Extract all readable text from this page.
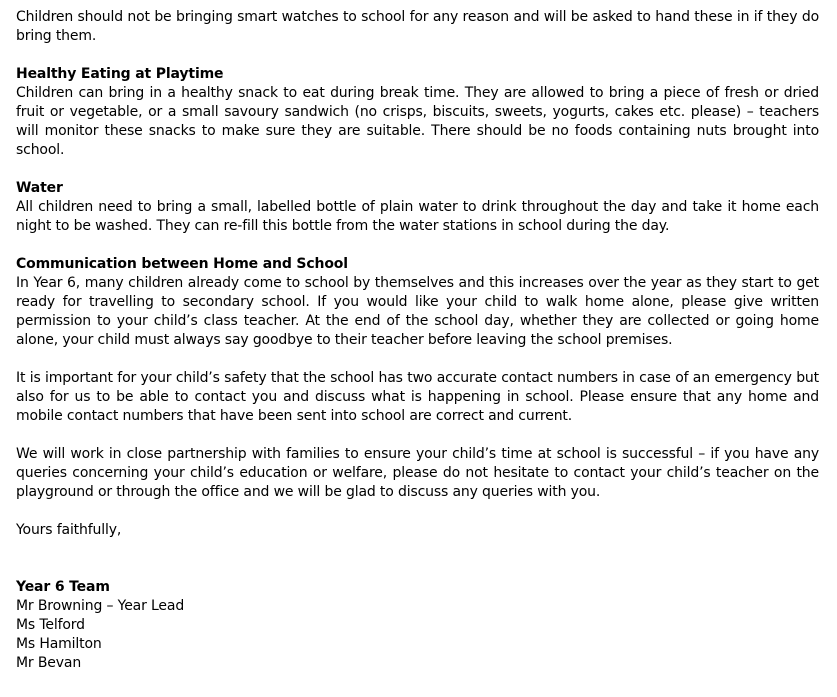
Children should not be bringing smart watches to school for any reason and will be asked to hand these in if they do bring them.

Healthy Eating at Playtime

Children can bring in a healthy snack to eat during break time. They are allowed to bring a piece of fresh or dried fruit or vegetable, or a small savoury sandwich (no crisps, biscuits, sweets, yogurts, cakes etc. please) – teachers will monitor these snacks to make sure they are suitable. There should be no foods containing nuts brought into school.

Water

All children need to bring a small, labelled bottle of plain water to drink throughout the day and take it home each night to be washed. They can re-fill this bottle from the water stations in school during the day.

Communication between Home and School

In Year 6, many children already come to school by themselves and this increases over the year as they start to get ready for travelling to secondary school. If you would like your child to walk home alone, please give written permission to your child’s class teacher. At the end of the school day, whether they are collected or going home alone, your child must always say goodbye to their teacher before leaving the school premises.

It is important for your child’s safety that the school has two accurate contact numbers in case of an emergency but also for us to be able to contact you and discuss what is happening in school. Please ensure that any home and mobile contact numbers that have been sent into school are correct and current.

We will work in close partnership with families to ensure your child’s time at school is successful – if you have any queries concerning your child’s education or welfare, please do not hesitate to contact your child’s teacher on the playground or through the office and we will be glad to discuss any queries with you.

Yours faithfully,

Year 6 Team

Mr Browning – Year Lead

Ms Telford

Ms Hamilton

Mr Bevan
